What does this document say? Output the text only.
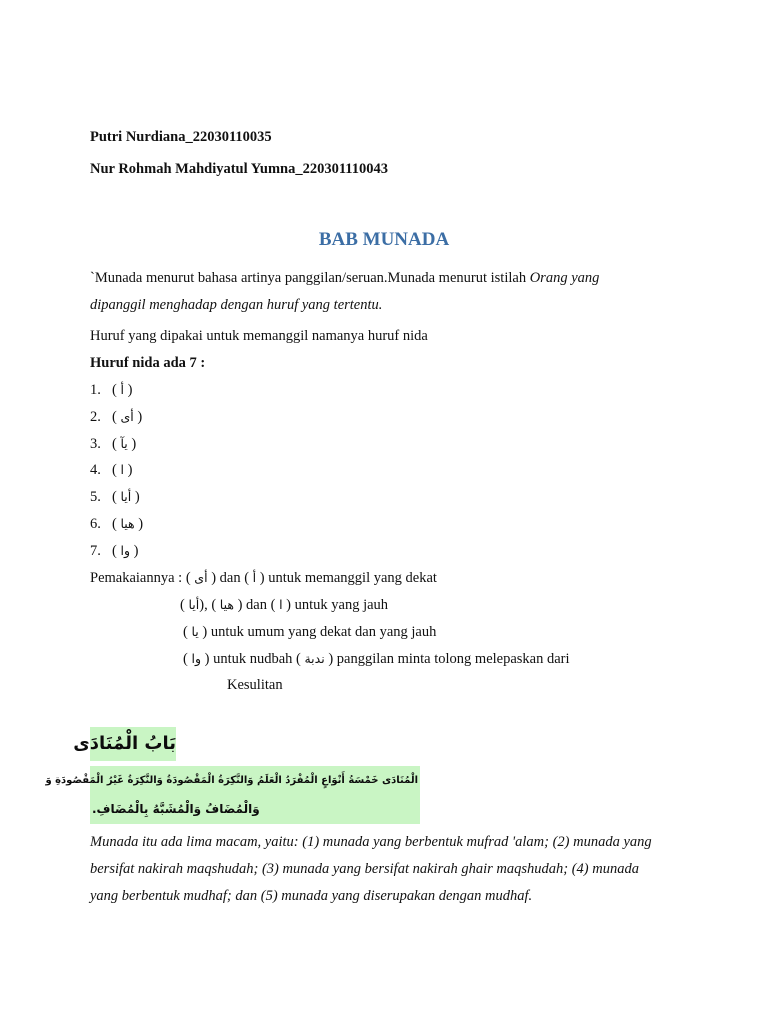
Putri Nurdiana_22030110035
Nur Rohmah Mahdiyatul Yumna_220301110043
BAB MUNADA
`Munada menurut bahasa artinya panggilan/seruan.Munada menurut istilah Orang yang
dipanggil menghadap dengan huruf yang tertentu.
Huruf yang dipakai untuk memanggil namanya huruf nida
Huruf nida ada 7 :
1. ( أ )
2. ( أى )
3. ( يآ )
4. ( ا )
5. ( أيا )
6. ( هيا )
7. ( وا )
Pemakaiannya : ( أى ) dan ( أ ) untuk memanggil yang dekat
( أيا), ( هيا ) dan ( ا ) untuk yang jauh
( يا ) untuk umum yang dekat dan yang jauh
( وا ) untuk nudbah ( ندبة ) panggilan minta tolong melepaskan dari
Kesulitan
بَابُ الْمُنَادَى
الْمُنَادَى خَمْسَةُ أَنْوَاعٍ الْمُفْرَدُ الْعَلَمُ وَالنَّكِرَةُ الْمَقْصُودَةُ وَالنَّكِرَةُ غَيْرُ الْمَقْصُودَةِ وَ
وَالْمُضَافُ وَالْمُشَبَّهُ بِالْمُضَافِ.
Munada itu ada lima macam, yaitu: (1) munada yang berbentuk mufrad 'alam; (2) munada yang
bersifat nakirah maqshudah; (3) munada yang bersifat nakirah ghair maqshudah; (4) munada
yang berbentuk mudhaf; dan (5) munada yang diserupakan dengan mudhaf.
